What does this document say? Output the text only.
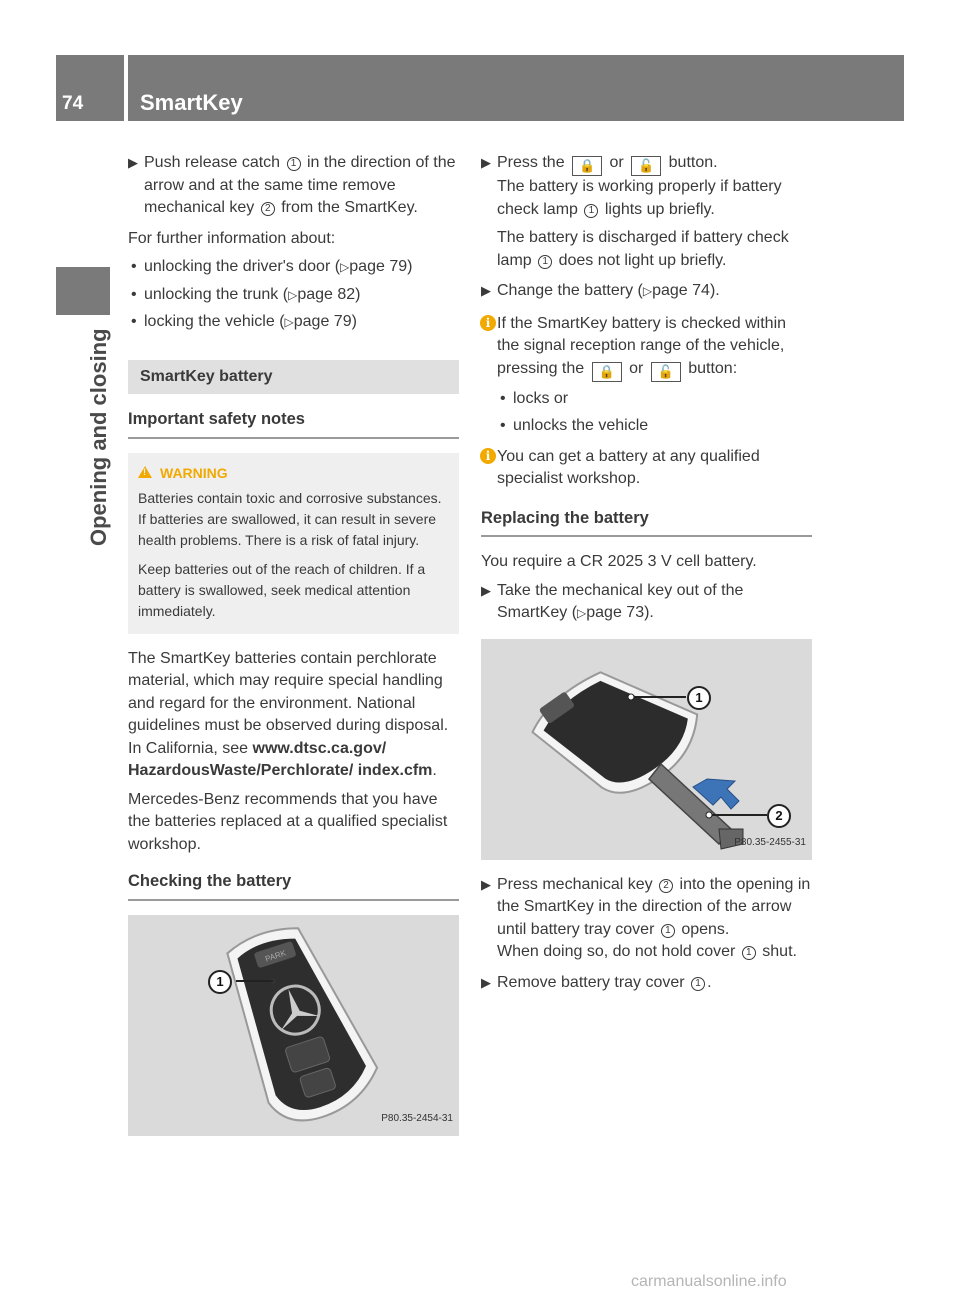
74	SmartKey
Opening and closing

▶ Push release catch 1 in the direction of the arrow and at the same time remove mechanical key 2 from the SmartKey.

For further information about:

• unlocking the driver's door (▷page 79)

• unlocking the trunk (▷page 82)

• locking the vehicle (▷page 79)

SmartKey battery
Important safety notes
!WARNING

Batteries contain toxic and corrosive substances. If batteries are swallowed, it can result in severe health problems. There is a risk of fatal injury.

Keep batteries out of the reach of children. If a battery is swallowed, seek medical attention immediately.

The SmartKey batteries contain perchlorate material, which may require special handling and regard for the environment. National guidelines must be observed during disposal. In California, see www.dtsc.ca.gov/ HazardousWaste/Perchlorate/ index.cfm.

Mercedes-Benz recommends that you have the batteries replaced at a qualified specialist workshop.

Checking the battery
PARK
1
P80.35-2454-31

▶ Press the 🔒 or 🔓 button.

The battery is working properly if battery check lamp 1 lights up briefly.

The battery is discharged if battery check lamp 1 does not light up briefly.

▶ Change the battery (▷page 74).

i If the SmartKey battery is checked within the signal reception range of the vehicle, pressing the 🔒 or 🔓 button:

• locks or

• unlocks the vehicle

i You can get a battery at any qualified specialist workshop.

Replacing the battery

You require a CR 2025 3 V cell battery.

▶ Take the mechanical key out of the SmartKey (▷page 73).

1
2
P80.35-2455-31

▶ Press mechanical key 2 into the opening in the SmartKey in the direction of the arrow until battery tray cover 1 opens.

When doing so, do not hold cover 1 shut.

▶ Remove battery tray cover 1 .

carmanualsonline.info
